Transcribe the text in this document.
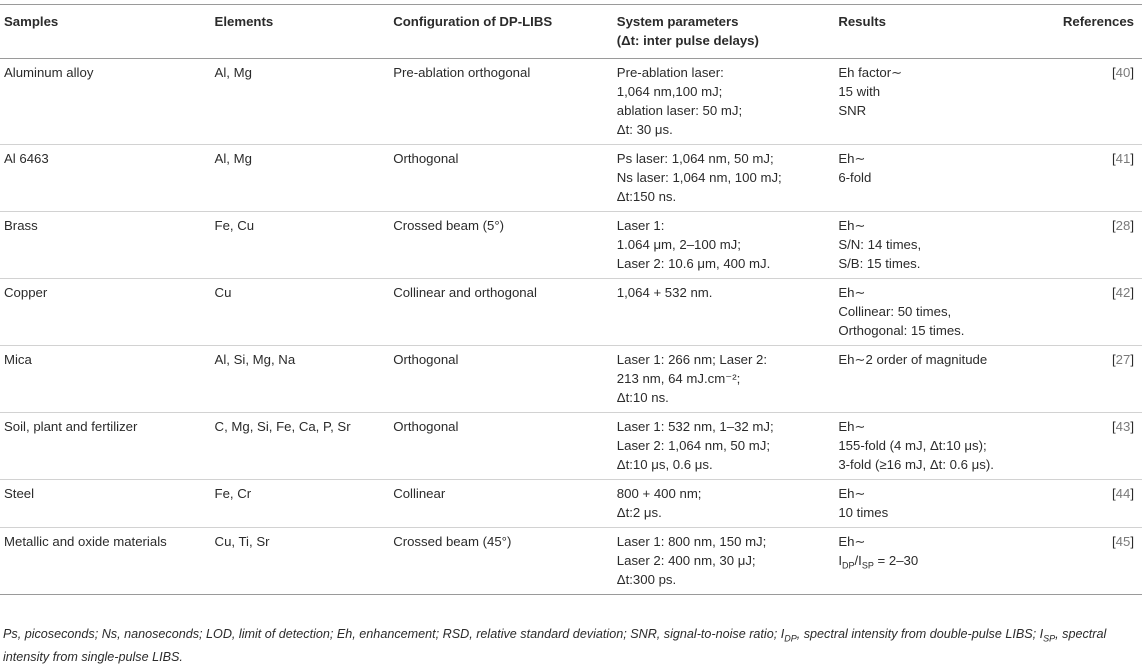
Samples	Elements	Configuration of DP-LIBS	System parameters
(Δt: inter pulse delays)	Results	References
Aluminum alloy	Al, Mg	Pre-ablation orthogonal	Pre-ablation laser:
1,064 nm,100 mJ;
ablation laser: 50 mJ;
Δt: 30 μs.	Eh factor∼
15 with
SNR	[40]
Al 6463	Al, Mg	Orthogonal	Ps laser: 1,064 nm, 50 mJ;
Ns laser: 1,064 nm, 100 mJ;
Δt:150 ns.	Eh∼
6-fold	[41]
Brass	Fe, Cu	Crossed beam (5°)	Laser 1:
1.064 μm, 2–100 mJ;
Laser 2: 10.6 μm, 400 mJ.	Eh∼
S/N: 14 times,
S/B: 15 times.	[28]
Copper	Cu	Collinear and orthogonal	1,064 + 532 nm.	Eh∼
Collinear: 50 times,
Orthogonal: 15 times.	[42]
Mica	Al, Si, Mg, Na	Orthogonal	Laser 1: 266 nm; Laser 2:
213 nm, 64 mJ.cm⁻²;
Δt:10 ns.	Eh∼2 order of magnitude	[27]
Soil, plant and fertilizer	C, Mg, Si, Fe, Ca, P, Sr	Orthogonal	Laser 1: 532 nm, 1–32 mJ;
Laser 2: 1,064 nm, 50 mJ;
Δt:10 μs, 0.6 μs.	Eh∼
155-fold (4 mJ, Δt:10 μs);
3-fold (≥16 mJ, Δt: 0.6 μs).	[43]
Steel	Fe, Cr	Collinear	800 + 400 nm;
Δt:2 μs.	Eh∼
10 times	[44]
Metallic and oxide materials	Cu, Ti, Sr	Crossed beam (45°)	Laser 1: 800 nm, 150 mJ;
Laser 2: 400 nm, 30 μJ;
Δt:300 ps.	Eh∼
$I_{DP}/I_{SP} = 2-30$	[45]
Ps, picoseconds; Ns, nanoseconds; LOD, limit of detection; Eh, enhancement; RSD, relative standard deviation; SNR, signal-to-noise ratio; $I_{DP}$, spectral intensity from double-pulse LIBS; $I_{SP}$, spectral intensity from single-pulse LIBS.
